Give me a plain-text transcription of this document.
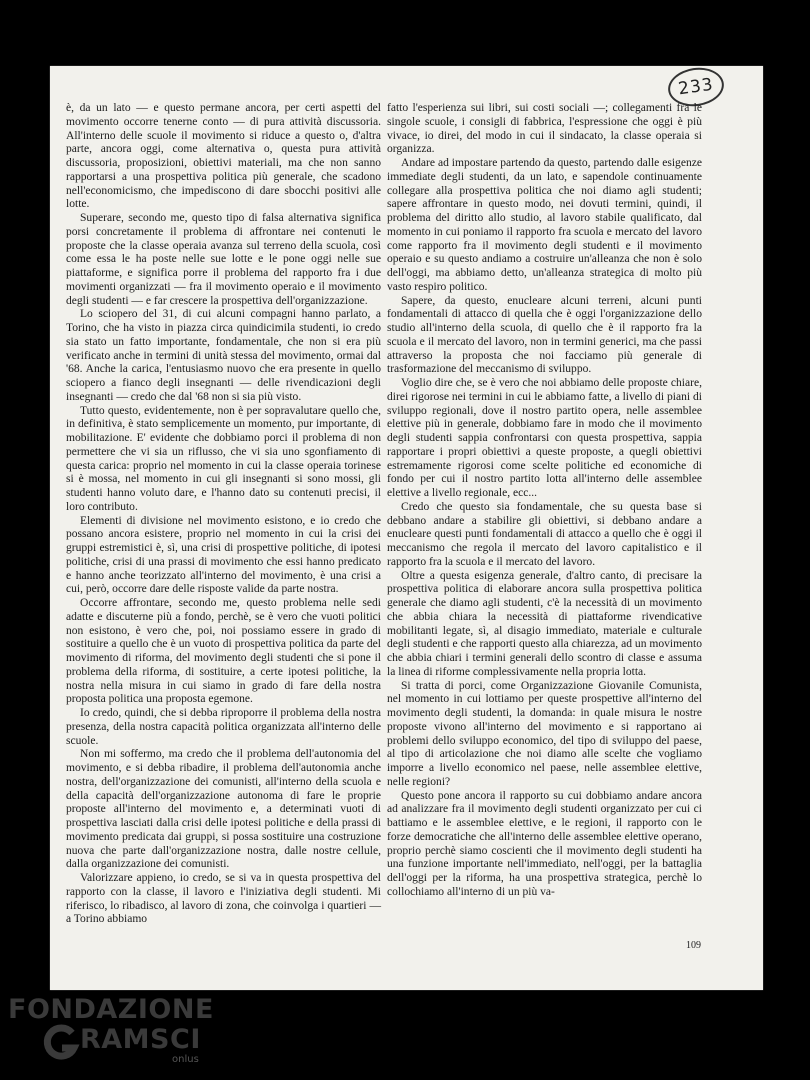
233

è, da un lato — e questo permane ancora, per certi aspetti del movimento occorre tenerne conto — di pura attività discussoria. All'interno delle scuole il movimento si riduce a questo o, d'altra parte, ancora oggi, come alternativa o, questa pura attività discussoria, proposizioni, obiettivi materiali, ma che non sanno rapportarsi a una prospettiva politica più generale, che scadono nell'economicismo, che impediscono di dare sbocchi positivi alle lotte.

Superare, secondo me, questo tipo di falsa alternativa significa porsi concretamente il problema di affrontare nei contenuti le proposte che la classe operaia avanza sul terreno della scuola, così come essa le ha poste nelle sue lotte e le pone oggi nelle sue piattaforme, e significa porre il problema del rapporto fra i due movimenti organizzati — fra il movimento operaio e il movimento degli studenti — e far crescere la prospettiva dell'organizzazione.

Lo sciopero del 31, di cui alcuni compagni hanno parlato, a Torino, che ha visto in piazza circa quindicimila studenti, io credo sia stato un fatto importante, fondamentale, che non si era più verificato anche in termini di unità stessa del movimento, ormai dal '68. Anche la carica, l'entusiasmo nuovo che era presente in quello sciopero a fianco degli insegnanti — delle rivendicazioni degli insegnanti — credo che dal '68 non si sia più visto.

Tutto questo, evidentemente, non è per sopravalutare quello che, in definitiva, è stato semplicemente un momento, pur importante, di mobilitazione. E' evidente che dobbiamo porci il problema di non permettere che vi sia un riflusso, che vi sia uno sgonfiamento di questa carica: proprio nel momento in cui la classe operaia torinese si è mossa, nel momento in cui gli insegnanti si sono mossi, gli studenti hanno voluto dare, e l'hanno dato su contenuti precisi, il loro contributo.

Elementi di divisione nel movimento esistono, e io credo che possano ancora esistere, proprio nel momento in cui la crisi dei gruppi estremistici è, sì, una crisi di prospettive politiche, di ipotesi politiche, crisi di una prassi di movimento che essi hanno predicato e hanno anche teorizzato all'interno del movimento, è una crisi a cui, però, occorre dare delle risposte valide da parte nostra.

Occorre affrontare, secondo me, questo problema nelle sedi adatte e discuterne più a fondo, perchè, se è vero che vuoti politici non esistono, è vero che, poi, noi possiamo essere in grado di sostituire a quello che è un vuoto di prospettiva politica da parte del movimento di riforma, del movimento degli studenti che si pone il problema della riforma, di sostituire, a certe ipotesi politiche, la nostra nella misura in cui siamo in grado di fare della nostra proposta politica una proposta egemone.

Io credo, quindi, che si debba riproporre il problema della nostra presenza, della nostra capacità politica organizzata all'interno delle scuole.

Non mi soffermo, ma credo che il problema dell'autonomia del movimento, e si debba ribadire, il problema dell'autonomia anche nostra, dell'organizzazione dei comunisti, all'interno della scuola e della capacità dell'organizzazione autonoma di fare le proprie proposte all'interno del movimento e, a determinati vuoti di prospettiva lasciati dalla crisi delle ipotesi politiche e della prassi di movimento predicata dai gruppi, si possa sostituire una costruzione nuova che parte dall'organizzazione nostra, dalle nostre cellule, dalla organizzazione dei comunisti.

Valorizzare appieno, io credo, se si va in questa prospettiva del rapporto con la classe, il lavoro e l'iniziativa degli studenti. Mi riferisco, lo ribadisco, al lavoro di zona, che coinvolga i quartieri — a Torino abbiamo

fatto l'esperienza sui libri, sui costi sociali —; collegamenti fra le singole scuole, i consigli di fabbrica, l'espressione che oggi è più vivace, io direi, del modo in cui il sindacato, la classe operaia si organizza.

Andare ad impostare partendo da questo, partendo dalle esigenze immediate degli studenti, da un lato, e sapendole continuamente collegare alla prospettiva politica che noi diamo agli studenti; sapere affrontare in questo modo, nei dovuti termini, quindi, il problema del diritto allo studio, al lavoro stabile qualificato, dal momento in cui poniamo il rapporto fra scuola e mercato del lavoro come rapporto fra il movimento degli studenti e il movimento operaio e su questo andiamo a costruire un'alleanza che non è solo dell'oggi, ma abbiamo detto, un'alleanza strategica di molto più vasto respiro politico.

Sapere, da questo, enucleare alcuni terreni, alcuni punti fondamentali di attacco di quella che è oggi l'organizzazione dello studio all'interno della scuola, di quello che è il rapporto fra la scuola e il mercato del lavoro, non in termini generici, ma che passi attraverso la proposta che noi facciamo più generale di trasformazione del meccanismo di sviluppo.

Voglio dire che, se è vero che noi abbiamo delle proposte chiare, direi rigorose nei termini in cui le abbiamo fatte, a livello di piani di sviluppo regionali, dove il nostro partito opera, nelle assemblee elettive più in generale, dobbiamo fare in modo che il movimento degli studenti sappia confrontarsi con questa prospettiva, sappia rapportare i propri obiettivi a queste proposte, a quegli obiettivi estremamente rigorosi come scelte politiche ed economiche di fondo per cui il nostro partito lotta all'interno delle assemblee elettive a livello regionale, ecc...

Credo che questo sia fondamentale, che su questa base si debbano andare a stabilire gli obiettivi, si debbano andare a enucleare questi punti fondamentali di attacco a quello che è oggi il meccanismo che regola il mercato del lavoro capitalistico e il rapporto fra la scuola e il mercato del lavoro.

Oltre a questa esigenza generale, d'altro canto, di precisare la prospettiva politica di elaborare ancora sulla prospettiva politica generale che diamo agli studenti, c'è la necessità di un movimento che abbia chiara la necessità di piattaforme rivendicative mobilitanti legate, sì, al disagio immediato, materiale e culturale degli studenti e che rapporti questo alla chiarezza, ad un movimento che abbia chiari i termini generali dello scontro di classe e assuma la linea di riforme complessivamente nella propria lotta.

Si tratta di porci, come Organizzazione Giovanile Comunista, nel momento in cui lottiamo per queste prospettive all'interno del movimento degli studenti, la domanda: in quale misura le nostre proposte vivono all'interno del movimento e si rapportano ai problemi dello sviluppo economico, del tipo di sviluppo del paese, al tipo di articolazione che noi diamo alle scelte che vogliamo imporre a livello economico nel paese, nelle assemblee elettive, nelle regioni?

Questo pone ancora il rapporto su cui dobbiamo andare ancora ad analizzare fra il movimento degli studenti organizzato per cui ci battiamo e le assemblee elettive, e le regioni, il rapporto con le forze democratiche che all'interno delle assemblee elettive operano, proprio perchè siamo coscienti che il movimento degli studenti ha una funzione importante nell'immediato, nell'oggi, per la battaglia dell'oggi per la riforma, ha una prospettiva strategica, perchè lo collochiamo all'interno di un più va-

109
FONDAZIONE
RAMSCI
onlus
